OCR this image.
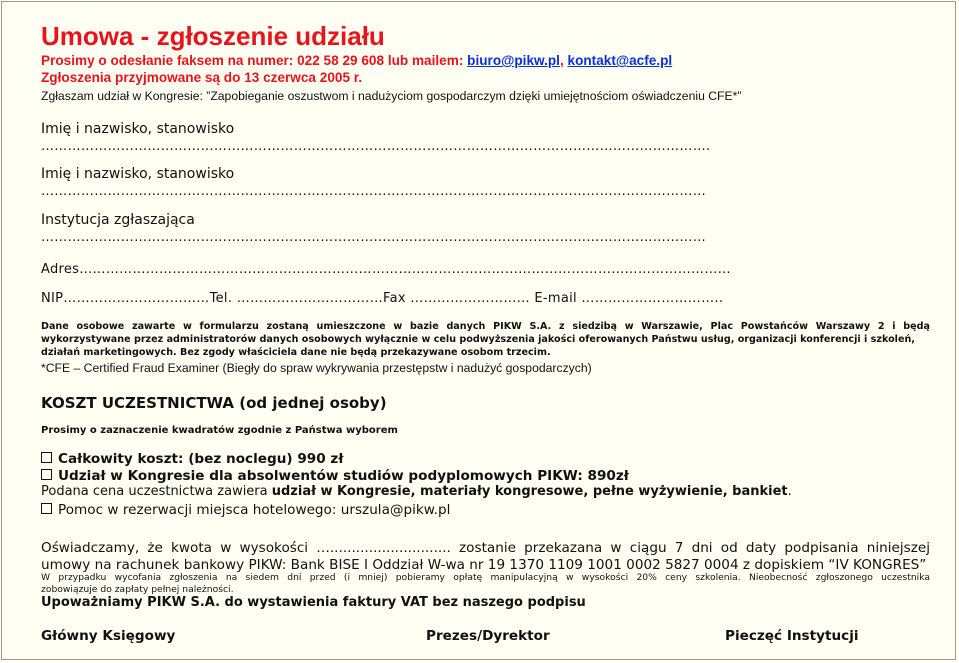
Umowa - zgłoszenie udziału
Prosimy o odesłanie faksem na numer: 022 58 29 608 lub mailem: biuro@pikw.pl, kontakt@acfe.pl
Zgłoszenia przyjmowane są do 13 czerwca 2005 r.
Zgłaszam udział w Kongresie: ”Zapobieganie oszustwom i nadużyciom gospodarczym dzięki umiejętnościom oświadczeniu CFE*”
Imię i nazwisko, stanowisko
…………………………………………………………………………………………………………………………………….
Imię i nazwisko, stanowisko
……………………………………………………………………………………………………………………………………
Instytucja zgłaszająca
……………………………………………………………………………………………………………………………………
Adres…………………………………………………………………………………………………………………………………
NIP……………………………Tel. ……………………………Fax ……………………… E-mail …………………………..
Dane osobowe zawarte w formularzu zostaną umieszczone w bazie danych PIKW S.A. z siedzibą w Warszawie, Plac Powstańców Warszawy 2 i będą
wykorzystywane przez administratorów danych osobowych wyłącznie w celu podwyższenia jakości oferowanych Państwu usług, organizacji konferencji i szkoleń,
działań marketingowych. Bez zgody właściciela dane nie będą przekazywane osobom trzecim.
*CFE – Certified Fraud Examiner (Biegły do spraw wykrywania przestępstw i nadużyć gospodarczych)
KOSZT UCZESTNICTWA (od jednej osoby)
Prosimy o zaznaczenie kwadratów zgodnie z Państwa wyborem
Całkowity koszt: (bez noclegu) 990 zł
Udział w Kongresie dla absolwentów studiów podyplomowych PIKW: 890zł
Podana cena uczestnictwa zawiera udział w Kongresie, materiały kongresowe, pełne wyżywienie, bankiet.
Pomoc w rezerwacji miejsca hotelowego: urszula@pikw.pl
Oświadczamy, że kwota w wysokości …............................ zostanie przekazana w ciągu 7 dni od daty podpisania niniejszej
umowy na rachunek bankowy PIKW: Bank BISE I Oddział W-wa nr 19 1370 1109 1001 0002 5827 0004 z dopiskiem “IV KONGRES”
W przypadku wycofania zgłoszenia na siedem dni przed (i mniej) pobieramy opłatę manipulacyjną w wysokości 20% ceny szkolenia. Nieobecność zgłoszonego uczestnika
zobowiązuje do zapłaty pełnej należności.
Upoważniamy PIKW S.A. do wystawienia faktury VAT bez naszego podpisu
Główny Księgowy	Prezes/Dyrektor	Pieczęć Instytucji
